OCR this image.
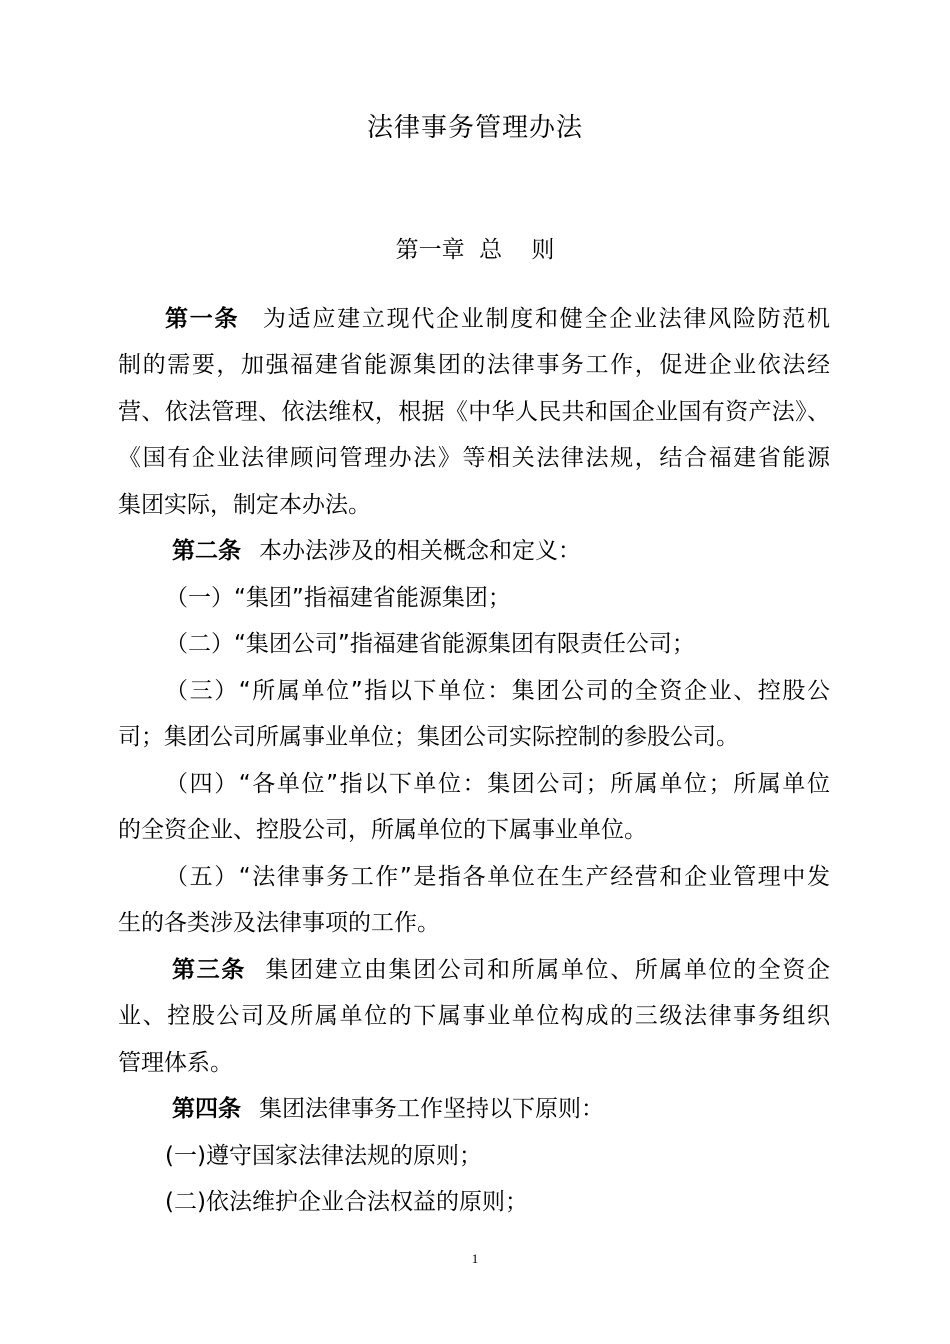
法律事务管理办法
第一章  总    则
第一条 为适应建立现代企业制度和健全企业法律风险防范机
制的需要，加强福建省能源集团的法律事务工作，促进企业依法经
营、依法管理、依法维权，根据《中华人民共和国企业国有资产法》、
《国有企业法律顾问管理办法》等相关法律法规，结合福建省能源
集团实际，制定本办法。
第二条 本办法涉及的相关概念和定义：
（一）“集团”指福建省能源集团；
（二）“集团公司”指福建省能源集团有限责任公司；
（三）“所属单位”指以下单位：集团公司的全资企业、控股公
司；集团公司所属事业单位；集团公司实际控制的参股公司。
（四）“各单位”指以下单位：集团公司；所属单位；所属单位
的全资企业、控股公司，所属单位的下属事业单位。
（五）“法律事务工作”是指各单位在生产经营和企业管理中发
生的各类涉及法律事项的工作。
第三条 集团建立由集团公司和所属单位、所属单位的全资企
业、控股公司及所属单位的下属事业单位构成的三级法律事务组织
管理体系。
第四条 集团法律事务工作坚持以下原则：
(一)遵守国家法律法规的原则；
(二)依法维护企业合法权益的原则；
1
